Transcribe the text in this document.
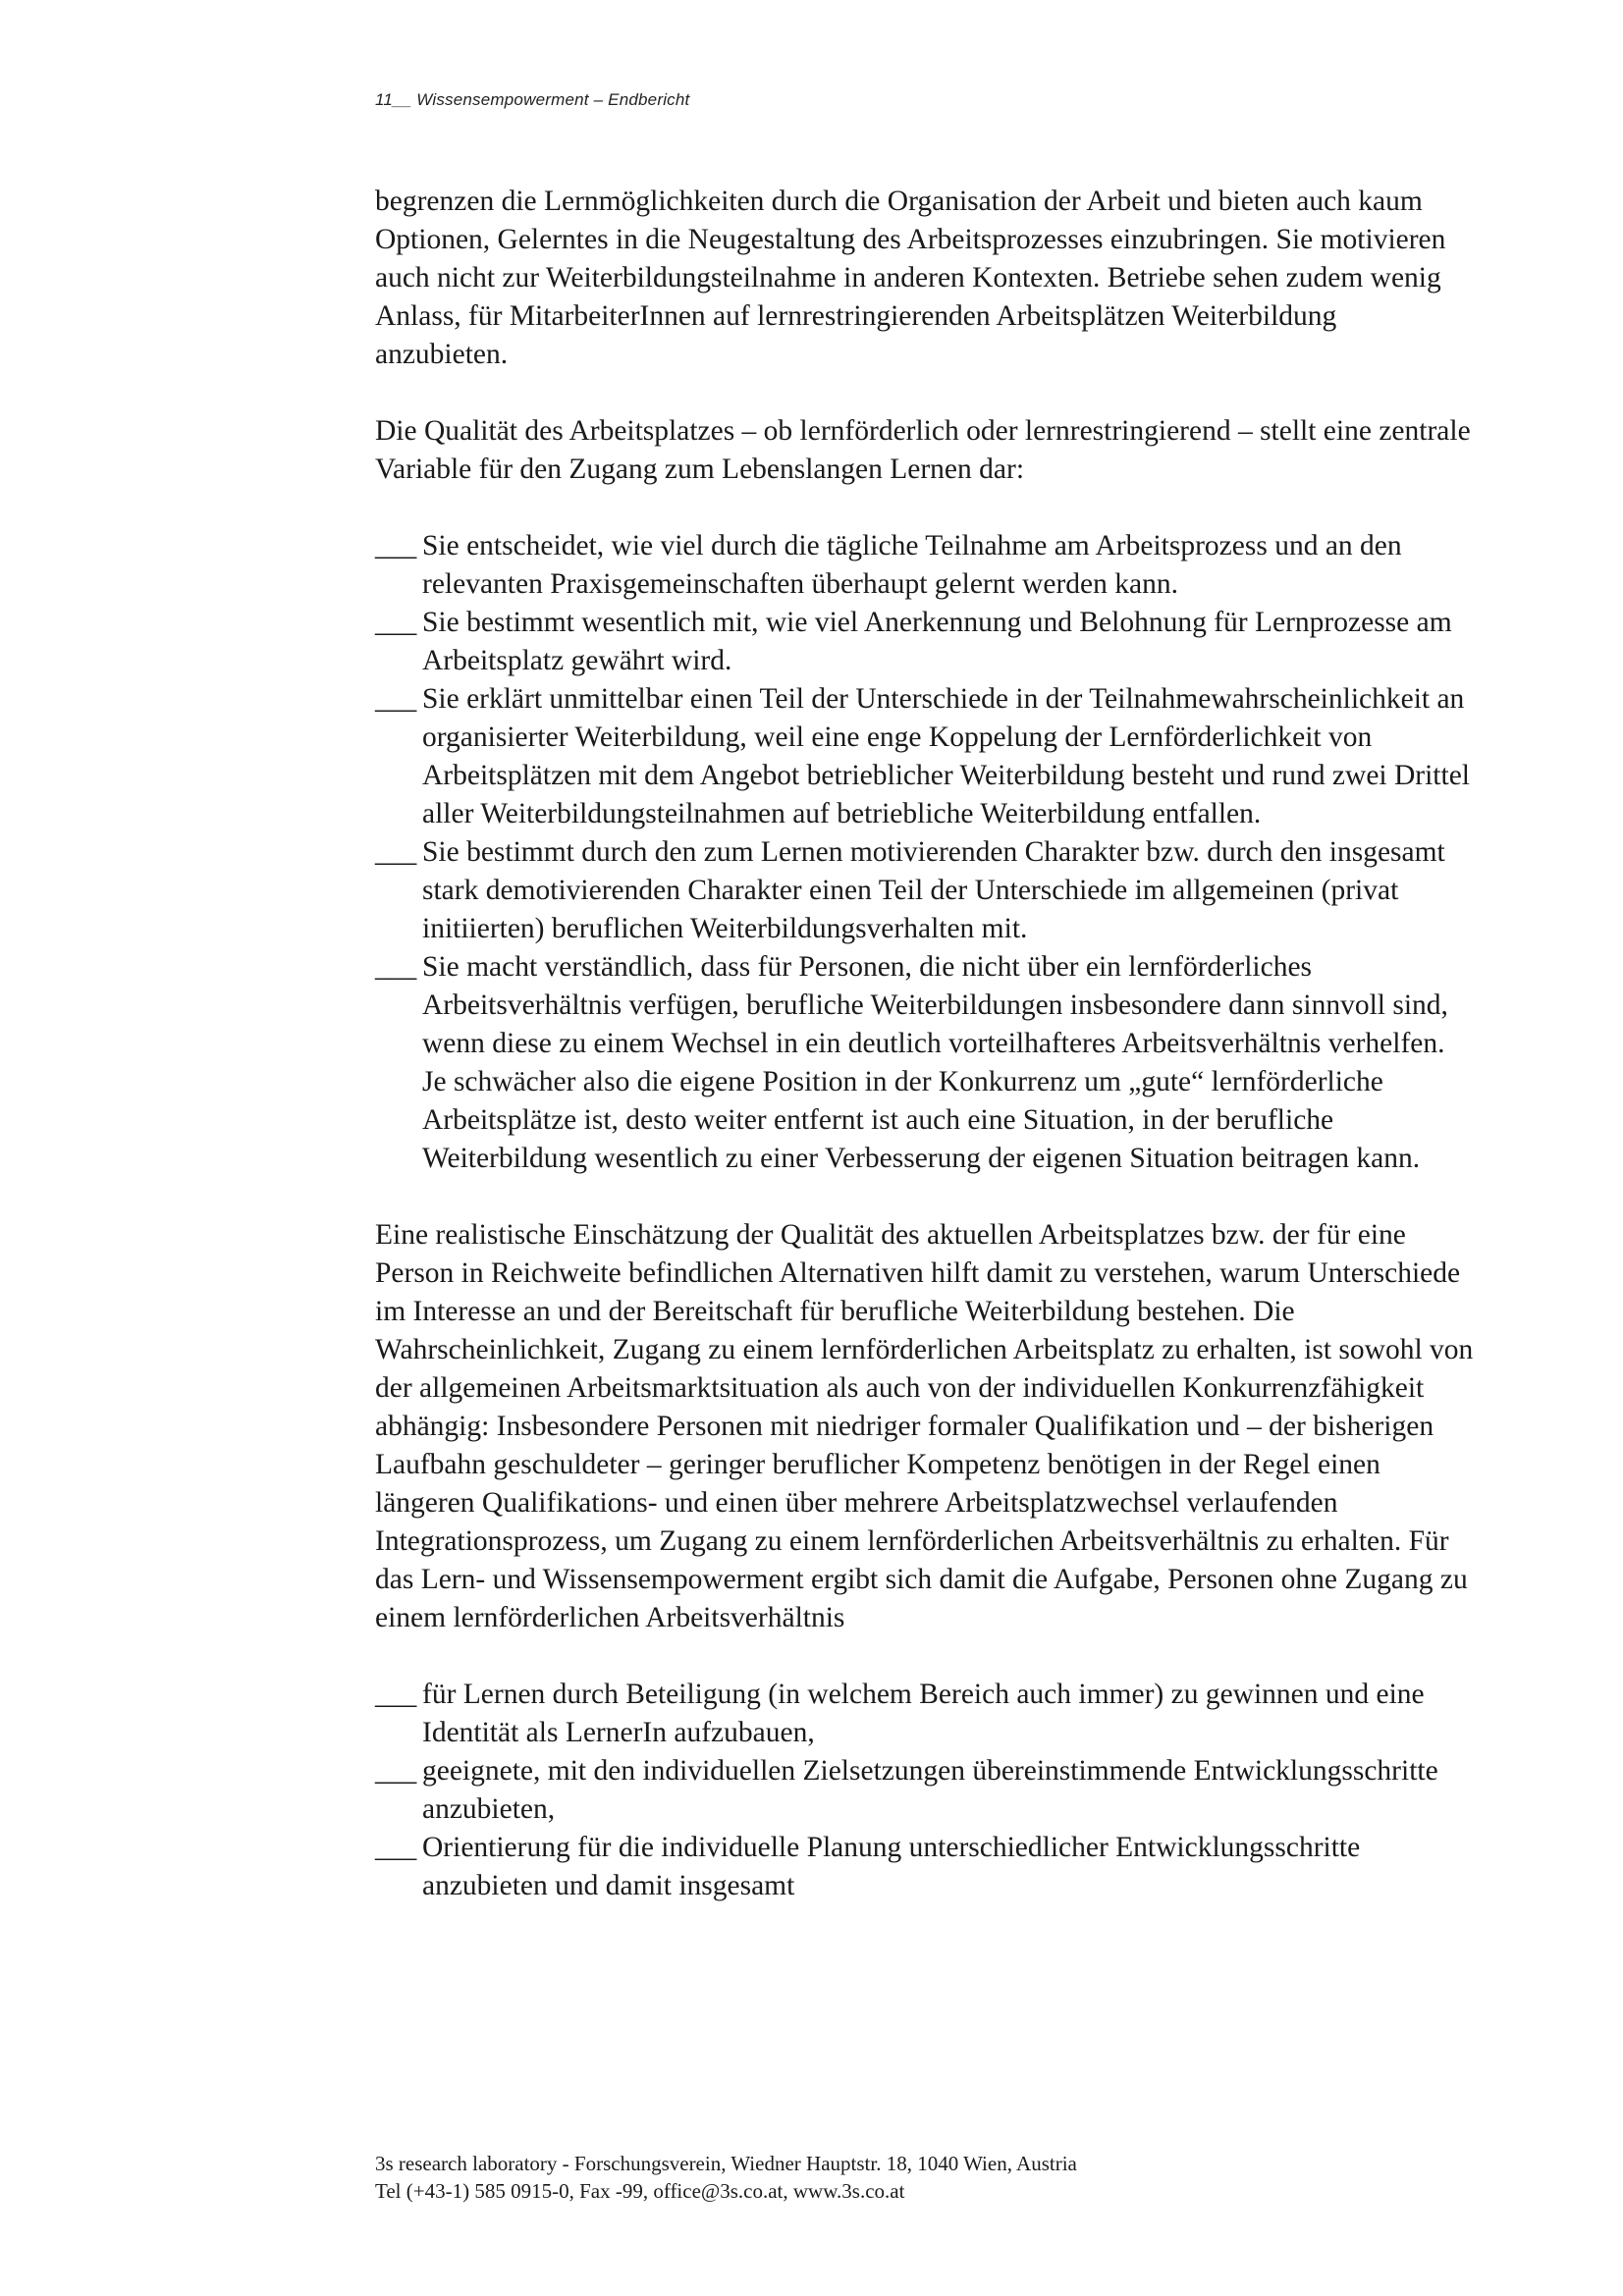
11__ Wissensempowerment – Endbericht

begrenzen die Lernmöglichkeiten durch die Organisation der Arbeit und bieten auch kaum Optionen, Gelerntes in die Neugestaltung des Arbeitsprozesses einzubringen. Sie motivieren auch nicht zur Weiterbildungsteilnahme in anderen Kontexten. Betriebe sehen zudem wenig Anlass, für MitarbeiterInnen auf lernrestringierenden Arbeitsplätzen Weiterbildung anzubieten.

Die Qualität des Arbeitsplatzes – ob lernförderlich oder lernrestringierend – stellt eine zentrale Variable für den Zugang zum Lebenslangen Lernen dar:

___ Sie entscheidet, wie viel durch die tägliche Teilnahme am Arbeitsprozess und an den relevanten Praxisgemeinschaften überhaupt gelernt werden kann.
___ Sie bestimmt wesentlich mit, wie viel Anerkennung und Belohnung für Lernprozesse am Arbeitsplatz gewährt wird.
___ Sie erklärt unmittelbar einen Teil der Unterschiede in der Teilnahmewahrscheinlichkeit an organisierter Weiterbildung, weil eine enge Koppelung der Lernförderlichkeit von Arbeitsplätzen mit dem Angebot betrieblicher Weiterbildung besteht und rund zwei Drittel aller Weiterbildungsteilnahmen auf betriebliche Weiterbildung entfallen.
___ Sie bestimmt durch den zum Lernen motivierenden Charakter bzw. durch den insgesamt stark demotivierenden Charakter einen Teil der Unterschiede im allgemeinen (privat initiierten) beruflichen Weiterbildungsverhalten mit.
___ Sie macht verständlich, dass für Personen, die nicht über ein lernförderliches Arbeitsverhältnis verfügen, berufliche Weiterbildungen insbesondere dann sinnvoll sind, wenn diese zu einem Wechsel in ein deutlich vorteilhafteres Arbeitsverhältnis verhelfen. Je schwächer also die eigene Position in der Konkurrenz um „gute“ lernförderliche Arbeitsplätze ist, desto weiter entfernt ist auch eine Situation, in der berufliche Weiterbildung wesentlich zu einer Verbesserung der eigenen Situation beitragen kann.

Eine realistische Einschätzung der Qualität des aktuellen Arbeitsplatzes bzw. der für eine Person in Reichweite befindlichen Alternativen hilft damit zu verstehen, warum Unterschiede im Interesse an und der Bereitschaft für berufliche Weiterbildung bestehen. Die Wahrscheinlichkeit, Zugang zu einem lernförderlichen Arbeitsplatz zu erhalten, ist sowohl von der allgemeinen Arbeitsmarktsituation als auch von der individuellen Konkurrenzfähigkeit abhängig: Insbesondere Personen mit niedriger formaler Qualifikation und – der bisherigen Laufbahn geschuldeter – geringer beruflicher Kompetenz benötigen in der Regel einen längeren Qualifikations- und einen über mehrere Arbeitsplatzwechsel verlaufenden Integrationsprozess, um Zugang zu einem lernförderlichen Arbeitsverhältnis zu erhalten. Für das Lern- und Wissensempowerment ergibt sich damit die Aufgabe, Personen ohne Zugang zu einem lernförderlichen Arbeitsverhältnis

___ für Lernen durch Beteiligung (in welchem Bereich auch immer) zu gewinnen und eine Identität als LernerIn aufzubauen,
___ geeignete, mit den individuellen Zielsetzungen übereinstimmende Entwicklungsschritte anzubieten,
___ Orientierung für die individuelle Planung unterschiedlicher Entwicklungsschritte anzubieten und damit insgesamt
3s research laboratory - Forschungsverein, Wiedner Hauptstr. 18, 1040 Wien, Austria
Tel (+43-1) 585 0915-0, Fax -99, office@3s.co.at, www.3s.co.at
